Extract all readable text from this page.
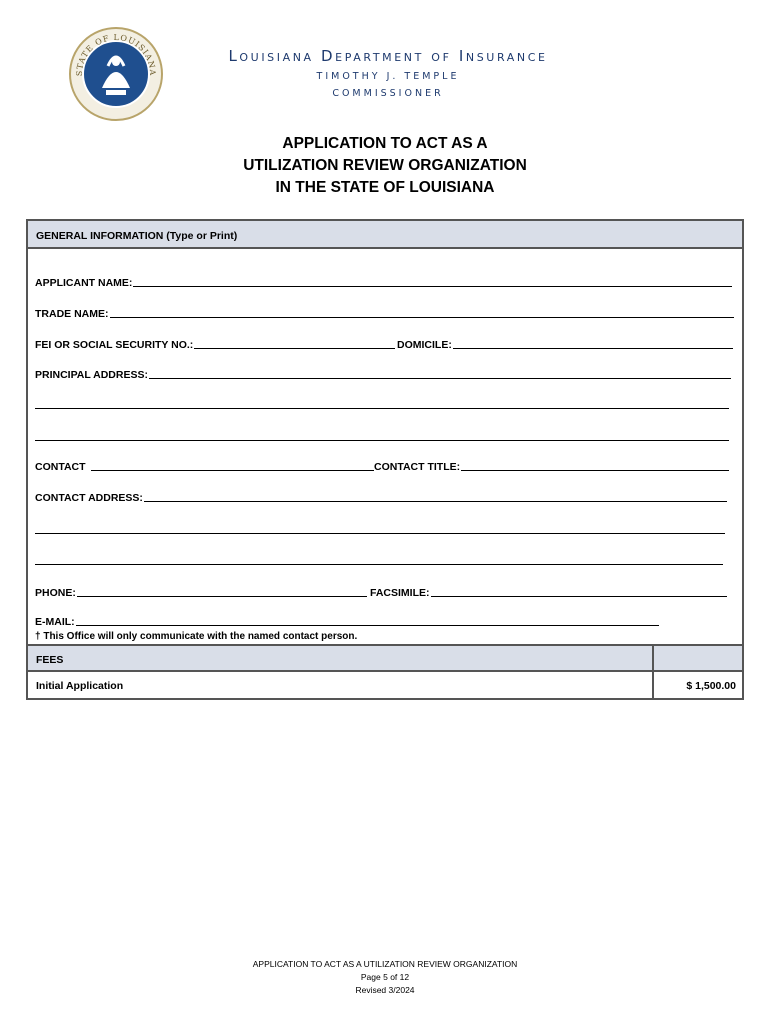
STATE OF LOUISIANA
Louisiana Department of Insurance
TIMOTHY J. TEMPLE
COMMISSIONER
APPLICATION TO ACT AS A
UTILIZATION REVIEW ORGANIZATION
IN THE STATE OF LOUISIANA
GENERAL INFORMATION (Type or Print)
APPLICANT NAME:
TRADE NAME:
FEI OR SOCIAL SECURITY NO.:	DOMICILE:
PRINCIPAL ADDRESS:
CONTACT	CONTACT TITLE:
CONTACT ADDRESS:
PHONE:	FACSIMILE:
E-MAIL:
† This Office will only communicate with the named contact person.
FEES
Initial Application	$ 1,500.00
APPLICATION TO ACT AS A UTILIZATION REVIEW ORGANIZATION
Page 5 of 12
Revised 3/2024
